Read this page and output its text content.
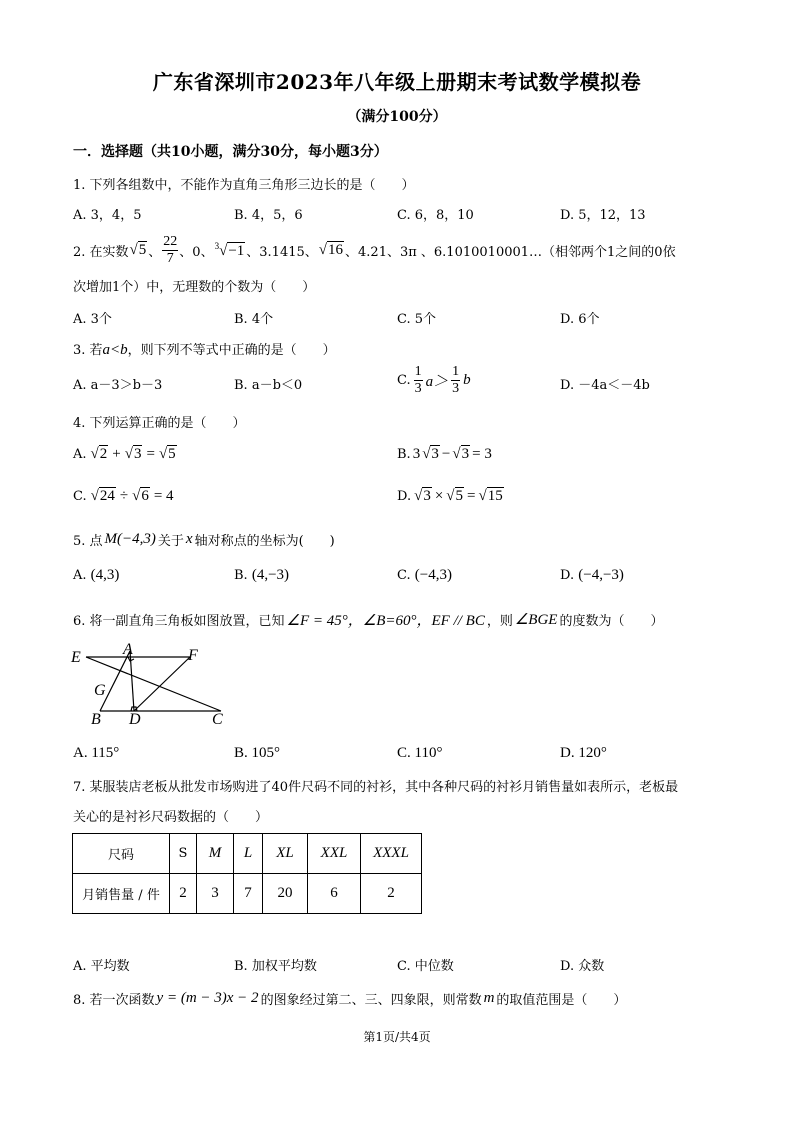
广东省深圳市2023年八年级上册期末考试数学模拟卷
（满分100分）
一．选择题（共10小题，满分30分，每小题3分）
1. 下列各组数中，不能作为直角三角形三边长的是（　　）
A. 3，4，5	B. 4，5，6	C. 6，8，10	D. 5，12，13
2. 在实数 √5 、 $\frac{22}{7}$ 、0、 $^3$√−1 、3.1415、 √16 、4.21、3π 、6.1010010001…（相邻两个1之间的0依
次增加1个）中，无理数的个数为（　　）
A. 3个	B. 4个	C. 5个	D. 6个
3. 若a<b，则下列不等式中正确的是（　　）
A. a－3＞b－3	B. a－b＜0	C. $\frac{1}{3} a> \frac{1}{3}$ b	D. －4a＜－4b
4. 下列运算正确的是（　　）
A. √2 + √3 = √5	B. 3 √3 − √3 = 3
C. √24 ÷ √6 = 4	D. √3 × √5 = √15
5. 点 M(−4,3) 关于 x 轴对称点的坐标为(　　)
A. (4,3)	B. (4,−3)	C. (−4,3)	D. (−4,−3)
6. 将一副直角三角板如图放置，已知 ∠F = 45°，∠B=60°，EF // BC ，则 ∠BGE 的度数为（　　）
E	A	F
G
B D	C
A. 115°	B. 105°	C. 110°	D. 120°
7. 某服装店老板从批发市场购进了40件尺码不同的衬衫，其中各种尺码的衬衫月销售量如表所示，老板最
关心的是衬衫尺码数据的（　　）
尺码	S	M	L	XL	XXL	XXXL
月销售量 / 件	2	3	7	20	6	2
A. 平均数	B. 加权平均数	C. 中位数	D. 众数
8. 若一次函数 y = (m − 3)x − 2 的图象经过第二、三、四象限，则常数 m 的取值范围是（　　）
第1页/共4页
